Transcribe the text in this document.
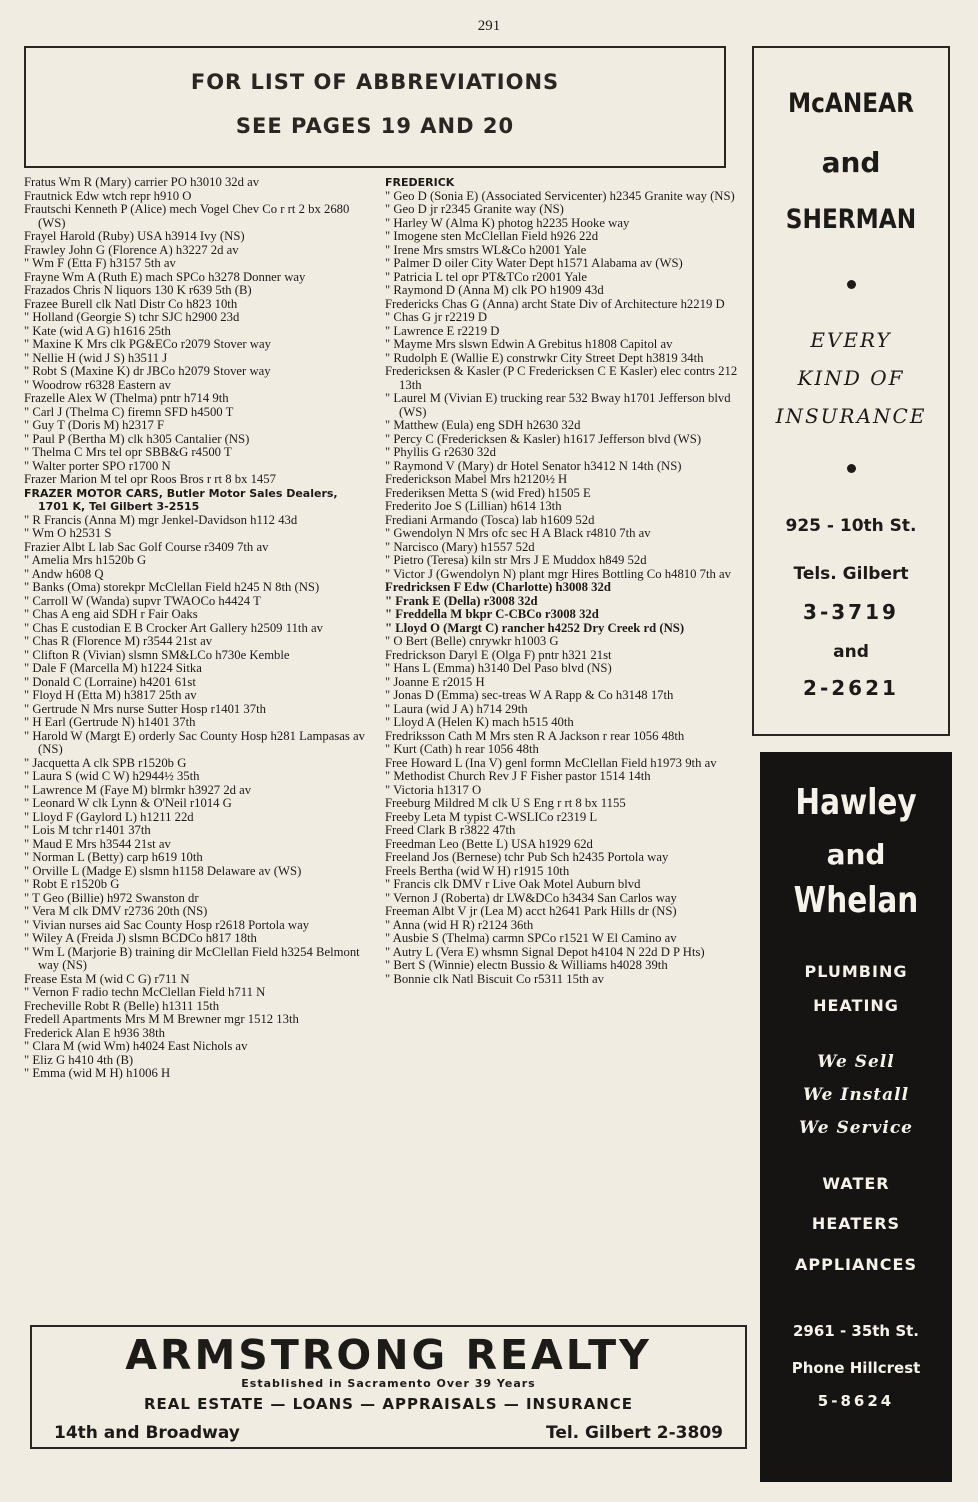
291
FOR LIST OF ABBREVIATIONS
SEE PAGES 19 AND 20
McANEAR
and
SHERMAN
EVERY
KIND OF
INSURANCE
925 - 10th St.
Tels. Gilbert
3-3719
and
2-2621
Hawley
and
Whelan
PLUMBING
HEATING
We Sell
We Install
We Service
WATER
HEATERS
APPLIANCES
2961 - 35th St.
Phone Hillcrest
5-8624
ARMSTRONG REALTY
Established in Sacramento Over 39 Years
REAL ESTATE — LOANS — APPRAISALS — INSURANCE
14th and Broadway	Tel. Gilbert 2-3809
Fratus Wm R (Mary) carrier PO h3010 32d av
Frautnick Edw wtch repr h910 O
Frautschi Kenneth P (Alice) mech Vogel Chev Co r rt 2 bx 2680 (WS)
Frayel Harold (Ruby) USA h3914 Ivy (NS)
Frawley John G (Florence A) h3227 2d av
" Wm F (Etta F) h3157 5th av
Frayne Wm A (Ruth E) mach SPCo h3278 Donner way
Frazados Chris N liquors 130 K r639 5th (B)
Frazee Burell clk Natl Distr Co h823 10th
" Holland (Georgie S) tchr SJC h2900 23d
" Kate (wid A G) h1616 25th
" Maxine K Mrs clk PG&ECo r2079 Stover way
" Nellie H (wid J S) h3511 J
" Robt S (Maxine K) dr JBCo h2079 Stover way
" Woodrow r6328 Eastern av
Frazelle Alex W (Thelma) pntr h714 9th
" Carl J (Thelma C) firemn SFD h4500 T
" Guy T (Doris M) h2317 F
" Paul P (Bertha M) clk h305 Cantalier (NS)
" Thelma C Mrs tel opr SBB&G r4500 T
" Walter porter SPO r1700 N
Frazer Marion M tel opr Roos Bros r rt 8 bx 1457
FRAZER MOTOR CARS, Butler Motor Sales Dealers, 1701 K, Tel Gilbert 3-2515
" R Francis (Anna M) mgr Jenkel-Davidson h112 43d
" Wm O h2531 S
Frazier Albt L lab Sac Golf Course r3409 7th av
" Amelia Mrs h1520b G
" Andw h608 Q
" Banks (Oma) storekpr McClellan Field h245 N 8th (NS)
" Carroll W (Wanda) supvr TWAOCo h4424 T
" Chas A eng aid SDH r Fair Oaks
" Chas E custodian E B Crocker Art Gallery h2509 11th av
" Chas R (Florence M) r3544 21st av
" Clifton R (Vivian) slsmn SM&LCo h730e Kemble
" Dale F (Marcella M) h1224 Sitka
" Donald C (Lorraine) h4201 61st
" Floyd H (Etta M) h3817 25th av
" Gertrude N Mrs nurse Sutter Hosp r1401 37th
" H Earl (Gertrude N) h1401 37th
" Harold W (Margt E) orderly Sac County Hosp h281 Lampasas av (NS)
" Jacquetta A clk SPB r1520b G
" Laura S (wid C W) h2944½ 35th
" Lawrence M (Faye M) blrmkr h3927 2d av
" Leonard W clk Lynn & O'Neil r1014 G
" Lloyd F (Gaylord L) h1211 22d
" Lois M tchr r1401 37th
" Maud E Mrs h3544 21st av
" Norman L (Betty) carp h619 10th
" Orville L (Madge E) slsmn h1158 Delaware av (WS)
" Robt E r1520b G
" T Geo (Billie) h972 Swanston dr
" Vera M clk DMV r2736 20th (NS)
" Vivian nurses aid Sac County Hosp r2618 Portola way
" Wiley A (Freida J) slsmn BCDCo h817 18th
" Wm L (Marjorie B) training dir McClellan Field h3254 Belmont way (NS)
Frease Esta M (wid C G) r711 N
" Vernon F radio techn McClellan Field h711 N
Frecheville Robt R (Belle) h1311 15th
Fredell Apartments Mrs M M Brewner mgr 1512 13th
Frederick Alan E h936 38th
" Clara M (wid Wm) h4024 East Nichols av
" Eliz G h410 4th (B)
" Emma (wid M H) h1006 H
FREDERICK
" Geo D (Sonia E) (Associated Servicenter) h2345 Granite way (NS)
" Geo D jr r2345 Granite way (NS)
" Harley W (Alma K) photog h2235 Hooke way
" Imogene sten McClellan Field h926 22d
" Irene Mrs smstrs WL&Co h2001 Yale
" Palmer D oiler City Water Dept h1571 Alabama av (WS)
" Patricia L tel opr PT&TCo r2001 Yale
" Raymond D (Anna M) clk PO h1909 43d
Fredericks Chas G (Anna) archt State Div of Architecture h2219 D
" Chas G jr r2219 D
" Lawrence E r2219 D
" Mayme Mrs slswn Edwin A Grebitus h1808 Capitol av
" Rudolph E (Wallie E) constrwkr City Street Dept h3819 34th
Fredericksen & Kasler (P C Fredericksen C E Kasler) elec contrs 212 13th
" Laurel M (Vivian E) trucking rear 532 Bway h1701 Jefferson blvd (WS)
" Matthew (Eula) eng SDH h2630 32d
" Percy C (Fredericksen & Kasler) h1617 Jefferson blvd (WS)
" Phyllis G r2630 32d
" Raymond V (Mary) dr Hotel Senator h3412 N 14th (NS)
Frederickson Mabel Mrs h2120½ H
Frederiksen Metta S (wid Fred) h1505 E
Frederito Joe S (Lillian) h614 13th
Frediani Armando (Tosca) lab h1609 52d
" Gwendolyn N Mrs ofc sec H A Black r4810 7th av
" Narcisco (Mary) h1557 52d
" Pietro (Teresa) kiln str Mrs J E Muddox h849 52d
" Victor J (Gwendolyn N) plant mgr Hires Bottling Co h4810 7th av
Fredricksen F Edw (Charlotte) h3008 32d
" Frank E (Della) r3008 32d
" Freddella M bkpr C-CBCo r3008 32d
" Lloyd O (Margt C) rancher h4252 Dry Creek rd (NS)
" O Bert (Belle) cnrywkr h1003 G
Fredrickson Daryl E (Olga F) pntr h321 21st
" Hans L (Emma) h3140 Del Paso blvd (NS)
" Joanne E r2015 H
" Jonas D (Emma) sec-treas W A Rapp & Co h3148 17th
" Laura (wid J A) h714 29th
" Lloyd A (Helen K) mach h515 40th
Fredriksson Cath M Mrs sten R A Jackson r rear 1056 48th
" Kurt (Cath) h rear 1056 48th
Free Howard L (Ina V) genl formn McClellan Field h1973 9th av
" Methodist Church Rev J F Fisher pastor 1514 14th
" Victoria h1317 O
Freeburg Mildred M clk U S Eng r rt 8 bx 1155
Freeby Leta M typist C-WSLICo r2319 L
Freed Clark B r3822 47th
Freedman Leo (Bette L) USA h1929 62d
Freeland Jos (Bernese) tchr Pub Sch h2435 Portola way
Freels Bertha (wid W H) r1915 10th
" Francis clk DMV r Live Oak Motel Auburn blvd
" Vernon J (Roberta) dr LW&DCo h3434 San Carlos way
Freeman Albt V jr (Lea M) acct h2641 Park Hills dr (NS)
" Anna (wid H R) r2124 36th
" Ausbie S (Thelma) carmn SPCo r1521 W El Camino av
" Autry L (Vera E) whsmn Signal Depot h4104 N 22d D P Hts)
" Bert S (Winnie) electn Bussio & Williams h4028 39th
" Bonnie clk Natl Biscuit Co r5311 15th av
